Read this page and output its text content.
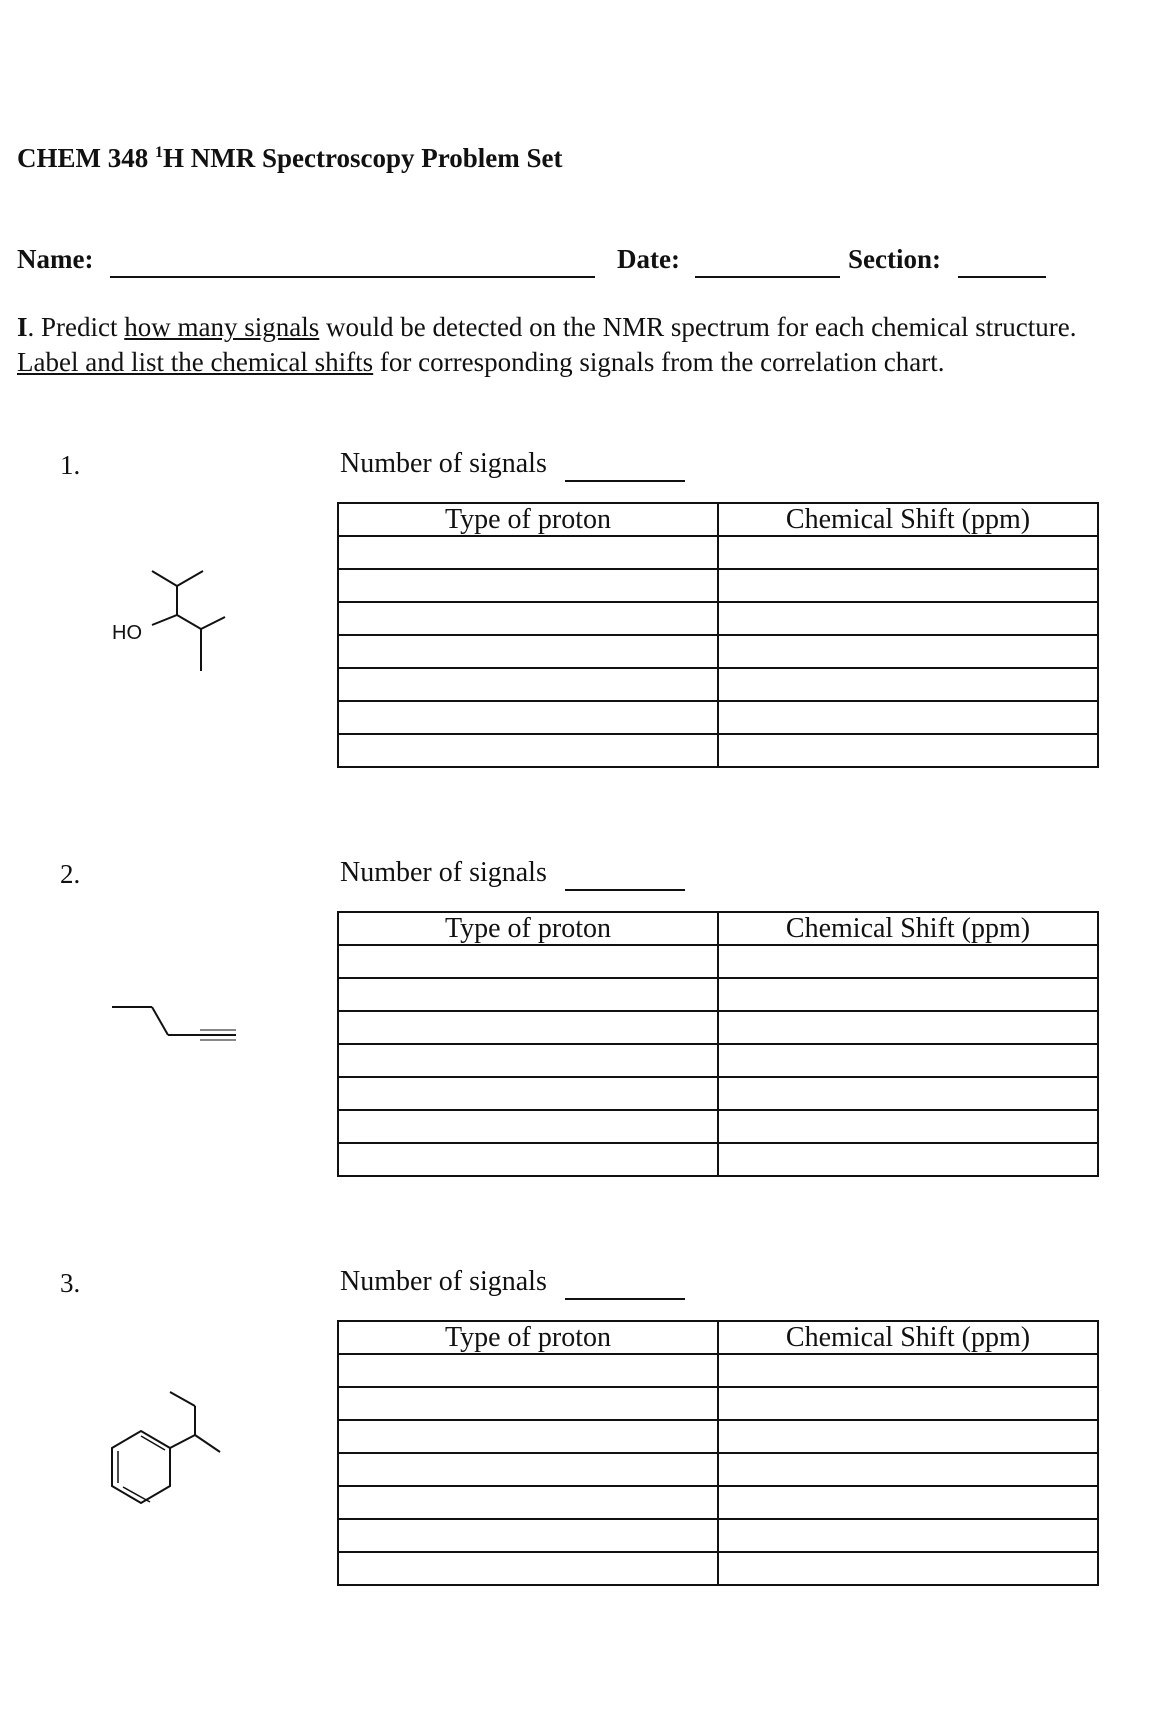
CHEM 348 $^1$H NMR Spectroscopy Problem Set
Name:	Date:	Section:
I. Predict how many signals would be detected on the NMR spectrum for each chemical structure. Label and list the chemical shifts for corresponding signals from the correlation chart.
1.	Number of signals
Type of proton	Chemical Shift (ppm)

HO
2.	Number of signals
Type of proton	Chemical Shift (ppm)

3.	Number of signals
Type of proton	Chemical Shift (ppm)
